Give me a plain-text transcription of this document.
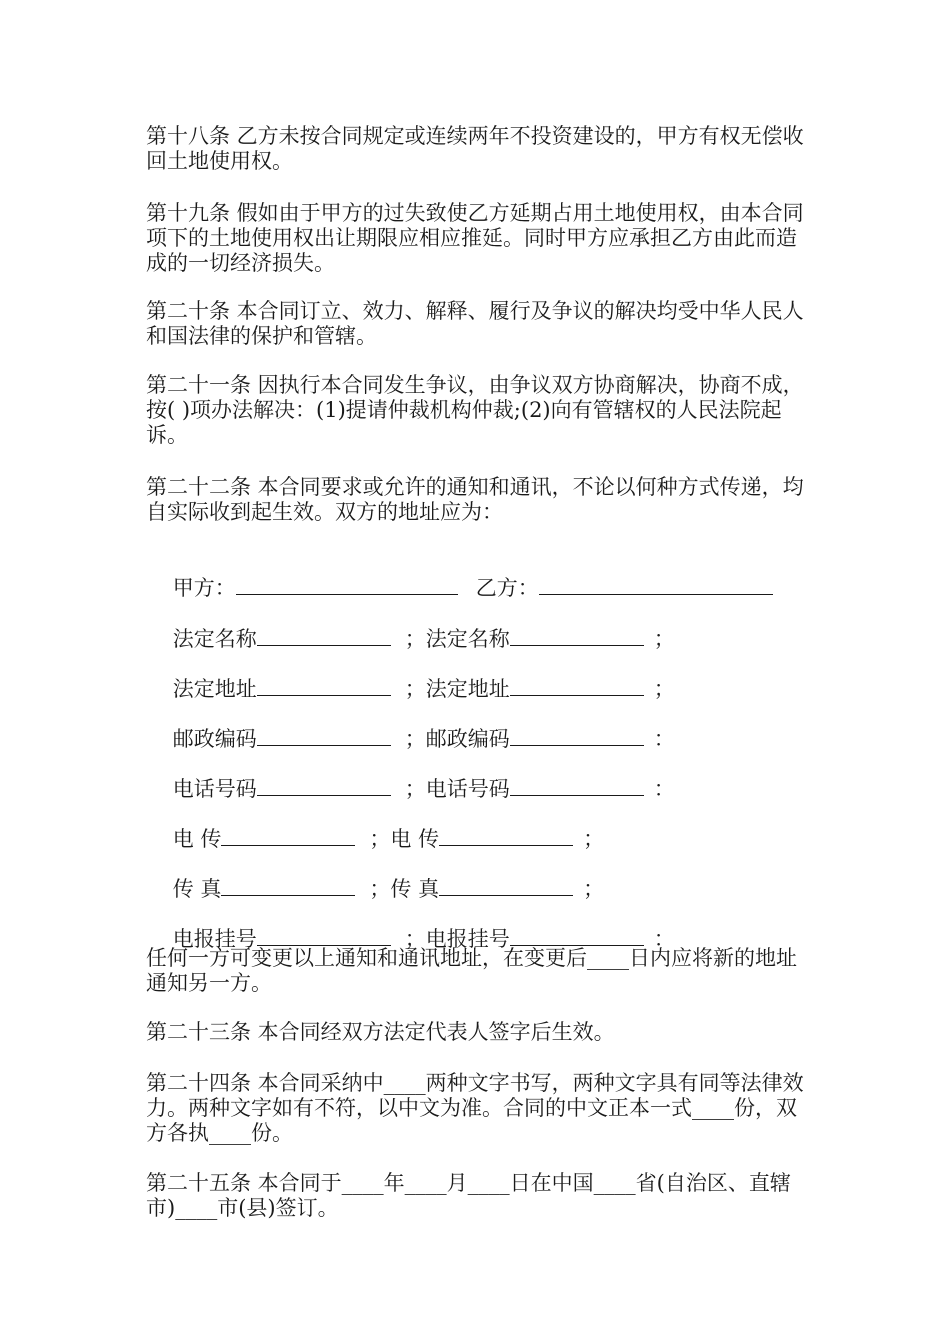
第十八条 乙方未按合同规定或连续两年不投资建设的，甲方有权无偿收回土地使用权。

第十九条 假如由于甲方的过失致使乙方延期占用土地使用权，由本合同项下的土地使用权出让期限应相应推延。同时甲方应承担乙方由此而造成的一切经济损失。

第二十条 本合同订立、效力、解释、履行及争议的解决均受中华人民人和国法律的保护和管辖。

第二十一条 因执行本合同发生争议，由争议双方协商解决，协商不成，按( )项办法解决：(1)提请仲裁机构仲裁;(2)向有管辖权的人民法院起诉。

第二十二条 本合同要求或允许的通知和通讯，不论以何种方式传递，均自实际收到起生效。双方的地址应为：

甲方：	乙方：

法定名称	；法定名称	；

法定地址	；法定地址	；

邮政编码	；邮政编码	：

电话号码	；电话号码	：

电 传	；电 传	；

传 真	；传 真	；

电报挂号	；电报挂号	：

任何一方可变更以上通知和通讯地址，在变更后____日内应将新的地址通知另一方。

第二十三条 本合同经双方法定代表人签字后生效。

第二十四条 本合同采纳中____两种文字书写，两种文字具有同等法律效力。两种文字如有不符，以中文为准。合同的中文正本一式____份，双方各执____份。

第二十五条 本合同于____年____月____日在中国____省(自治区、直辖市)____市(县)签订。
